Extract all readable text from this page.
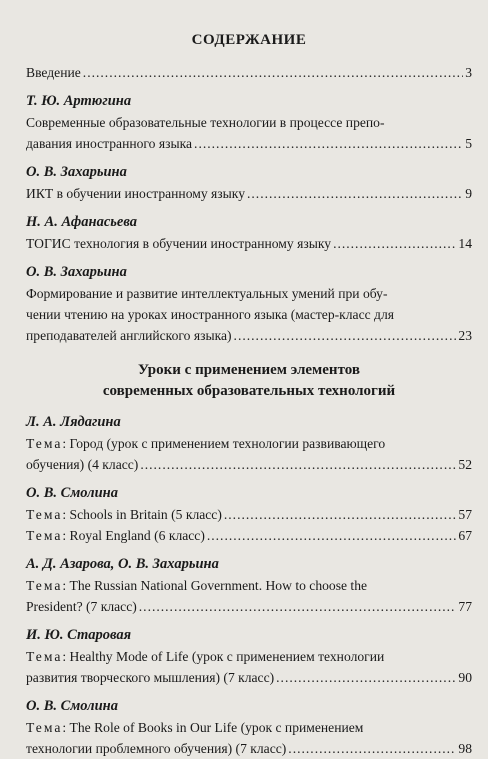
СОДЕРЖАНИЕ
Введение .....	3
Т. Ю. Артюгина
Современные образовательные технологии в процессе препо-
давания иностранного языка .....	5
О. В. Захарьина
ИКТ в обучении иностранному языку .....	9
Н. А. Афанасьева
ТОГИС технология в обучении иностранному языку .....	14
О. В. Захарьина
Формирование и развитие интеллектуальных умений при обу-
чении чтению на уроках иностранного языка (мастер-класс для
преподавателей английского языка) .....	23
Уроки с применением элементов
современных образовательных технологий
Л. А. Лядагина
Тема: Город (урок с применением технологии развивающего
обучения) (4 класс) .....	52
О. В. Смолина
Тема: Schools in Britain (5 класс) .....	57
Тема: Royal England (6 класс) .....	67
А. Д. Азарова, О. В. Захарьина
Тема: The Russian National Government. How to choose the
President? (7 класс) .....	77
И. Ю. Старовая
Тема: Healthy Mode of Life (урок с применением технологии
развития творческого мышления) (7 класс) .....	90
О. В. Смолина
Тема: The Role of Books in Our Life (урок с применением
технологии проблемного обучения) (7 класс) .....	98
